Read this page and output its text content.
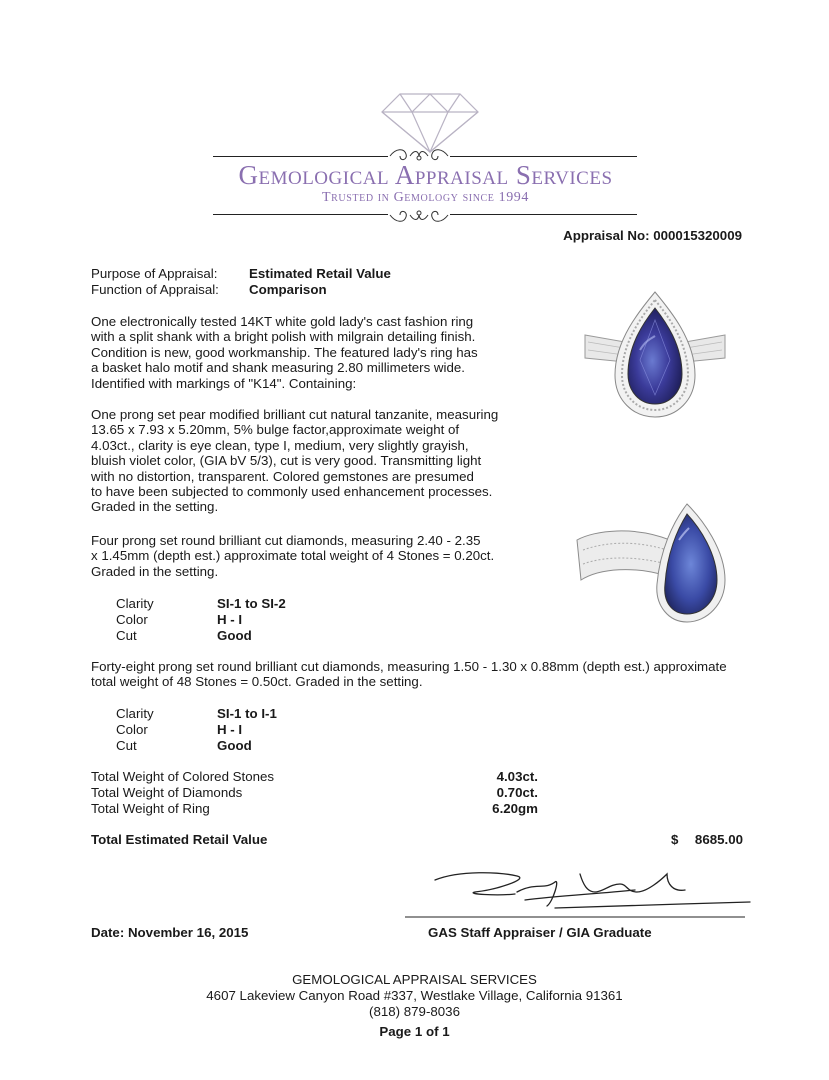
Gemological Appraisal Services
Trusted in Gemology since 1994
Appraisal No: 000015320009
Purpose of Appraisal: Estimated Retail Value
Function of Appraisal: Comparison
One electronically tested 14KT white gold lady's cast fashion ring
with a split shank with a bright polish with milgrain detailing finish.
Condition is new, good workmanship. The featured lady's ring has
a basket halo motif and shank measuring 2.80 millimeters wide.
Identified with markings of "K14". Containing:
One prong set pear modified brilliant cut natural tanzanite, measuring
13.65 x 7.93 x 5.20mm, 5% bulge factor,approximate weight of
4.03ct., clarity is eye clean, type I, medium, very slightly grayish,
bluish violet color, (GIA bV 5/3), cut is very good. Transmitting light
with no distortion, transparent. Colored gemstones are presumed
to have been subjected to commonly used enhancement processes.
Graded in the setting.
Four prong set round brilliant cut diamonds, measuring 2.40 - 2.35
x 1.45mm (depth est.) approximate total weight of 4 Stones = 0.20ct.
Graded in the setting.
Clarity	SI-1 to SI-2
Color	H - I
Cut	Good
Forty-eight prong set round brilliant cut diamonds, measuring 1.50 - 1.30 x 0.88mm (depth est.) approximate
total weight of 48 Stones = 0.50ct. Graded in the setting.
Clarity	SI-1 to I-1
Color	H - I
Cut	Good
Total Weight of Colored Stones	4.03ct.
Total Weight of Diamonds	0.70ct.
Total Weight of Ring	6.20gm
Total Estimated Retail Value	$	8685.00
Date: November 16, 2015	GAS Staff Appraiser / GIA Graduate
GEMOLOGICAL APPRAISAL SERVICES
4607 Lakeview Canyon Road #337, Westlake Village, California 91361
(818) 879-8036
Page 1 of 1
